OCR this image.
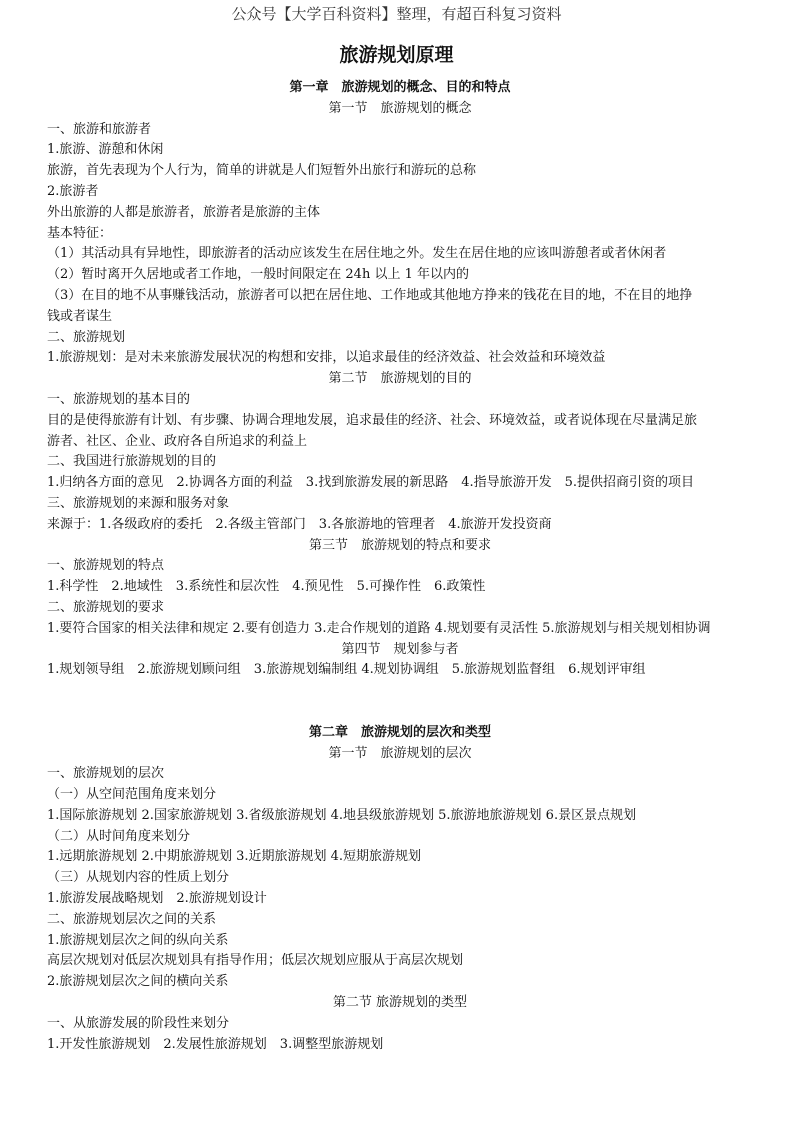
公众号【大学百科资料】整理，有超百科复习资料
旅游规划原理
第一章　旅游规划的概念、目的和特点
第一节　旅游规划的概念
一、旅游和旅游者
1.旅游、游憩和休闲
旅游，首先表现为个人行为，简单的讲就是人们短暂外出旅行和游玩的总称
2.旅游者
外出旅游的人都是旅游者，旅游者是旅游的主体
基本特征：
（1）其活动具有异地性，即旅游者的活动应该发生在居住地之外。发生在居住地的应该叫游憩者或者休闲者
（2）暂时离开久居地或者工作地，一般时间限定在 24h 以上 1 年以内的
（3）在目的地不从事赚钱活动，旅游者可以把在居住地、工作地或其他地方挣来的钱花在目的地，不在目的地挣
钱或者谋生
二、旅游规划
1.旅游规划：是对未来旅游发展状况的构想和安排，以追求最佳的经济效益、社会效益和环境效益
第二节　旅游规划的目的
一、旅游规划的基本目的
目的是使得旅游有计划、有步骤、协调合理地发展，追求最佳的经济、社会、环境效益，或者说体现在尽量满足旅
游者、社区、企业、政府各自所追求的利益上
二、我国进行旅游规划的目的
1.归纳各方面的意见　2.协调各方面的利益　3.找到旅游发展的新思路　4.指导旅游开发　5.提供招商引资的项目
三、旅游规划的来源和服务对象
来源于：1.各级政府的委托　2.各级主管部门　3.各旅游地的管理者　4.旅游开发投资商
第三节　旅游规划的特点和要求
一、旅游规划的特点
1.科学性　2.地域性　3.系统性和层次性　4.预见性　5.可操作性　6.政策性
二、旅游规划的要求
1.要符合国家的相关法律和规定 2.要有创造力 3.走合作规划的道路 4.规划要有灵活性 5.旅游规划与相关规划相协调
第四节　规划参与者
1.规划领导组　2.旅游规划顾问组　3.旅游规划编制组 4.规划协调组　5.旅游规划监督组　6.规划评审组
第二章　旅游规划的层次和类型
第一节　旅游规划的层次
一、旅游规划的层次
（一）从空间范围角度来划分
1.国际旅游规划 2.国家旅游规划 3.省级旅游规划 4.地县级旅游规划 5.旅游地旅游规划 6.景区景点规划
（二）从时间角度来划分
1.远期旅游规划 2.中期旅游规划 3.近期旅游规划 4.短期旅游规划
（三）从规划内容的性质上划分
1.旅游发展战略规划　2.旅游规划设计
二、旅游规划层次之间的关系
1.旅游规划层次之间的纵向关系
高层次规划对低层次规划具有指导作用；低层次规划应服从于高层次规划
2.旅游规划层次之间的横向关系
第二节 旅游规划的类型
一、从旅游发展的阶段性来划分
1.开发性旅游规划　2.发展性旅游规划　3.调整型旅游规划
